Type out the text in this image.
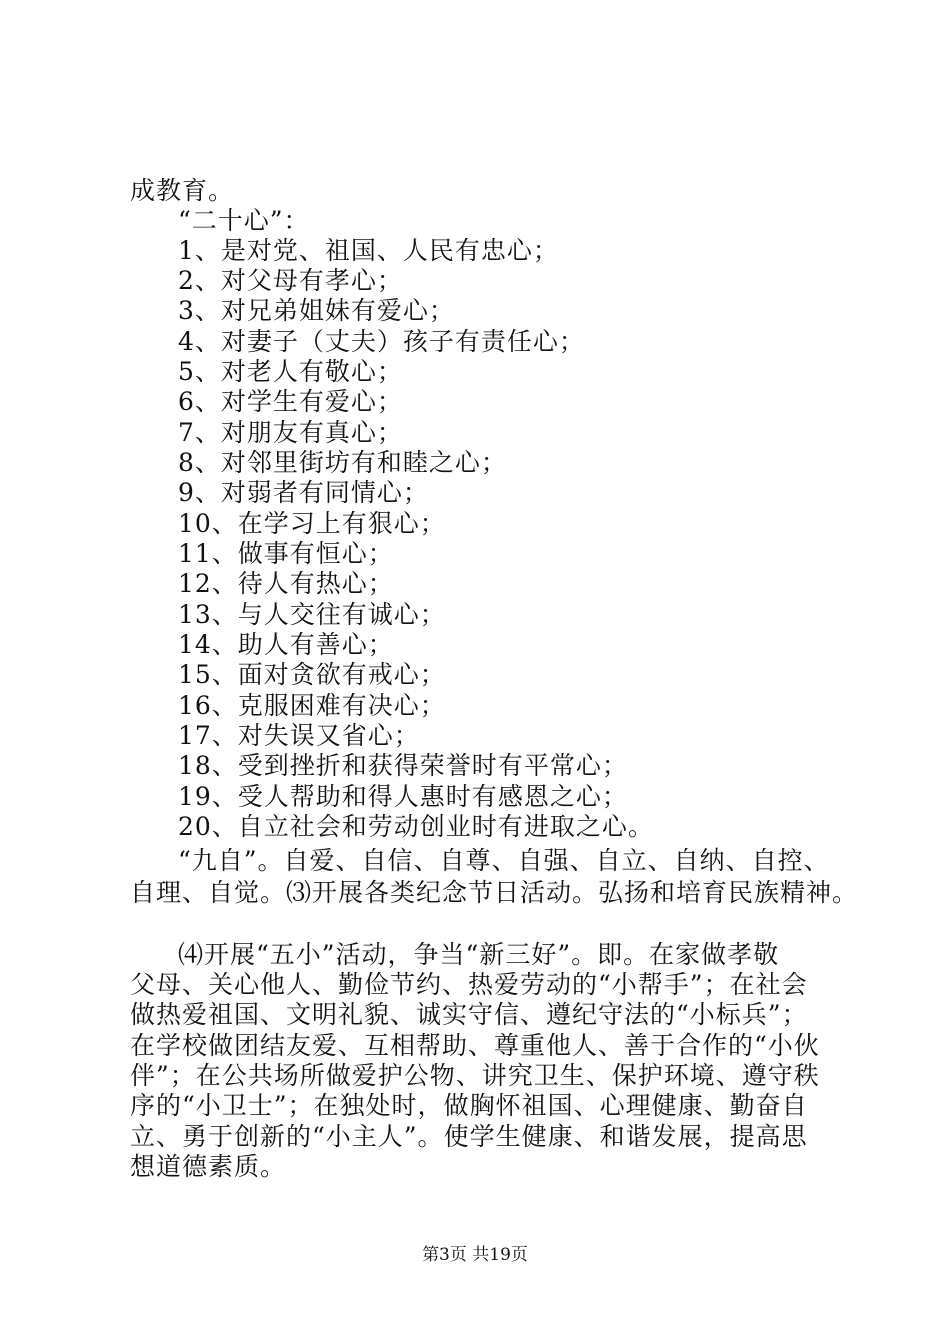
成教育。
“二十心”：
1、是对党、祖国、人民有忠心；
2、对父母有孝心；
3、对兄弟姐妹有爱心；
4、对妻子（丈夫）孩子有责任心；
5、对老人有敬心；
6、对学生有爱心；
7、对朋友有真心；
8、对邻里街坊有和睦之心；
9、对弱者有同情心；
10、在学习上有狠心；
11、做事有恒心；
12、待人有热心；
13、与人交往有诚心；
14、助人有善心；
15、面对贪欲有戒心；
16、克服困难有决心；
17、对失误又省心；
18、受到挫折和获得荣誉时有平常心；
19、受人帮助和得人惠时有感恩之心；
20、自立社会和劳动创业时有进取之心。
“九自”。自爱、自信、自尊、自强、自立、自纳、自控、
自理、自觉。⑶开展各类纪念节日活动。弘扬和培育民族精神。
⑷开展“五小”活动，争当“新三好”。即。在家做孝敬
父母、关心他人、勤俭节约、热爱劳动的“小帮手”；在社会
做热爱祖国、文明礼貌、诚实守信、遵纪守法的“小标兵”；
在学校做团结友爱、互相帮助、尊重他人、善于合作的“小伙
伴”；在公共场所做爱护公物、讲究卫生、保护环境、遵守秩
序的“小卫士”；在独处时，做胸怀祖国、心理健康、勤奋自
立、勇于创新的“小主人”。使学生健康、和谐发展，提高思
想道德素质。
第3页 共19页
